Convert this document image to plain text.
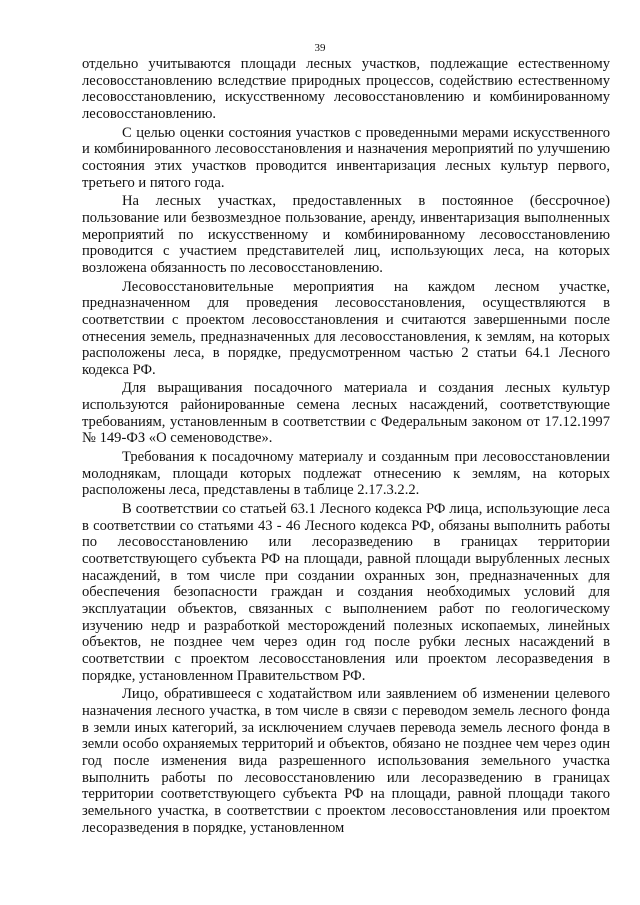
39

отдельно учитываются площади лесных участков, подлежащие естественному лесовосстановлению вследствие природных процессов, содействию естественному лесовосстановлению, искусственному лесовосстановлению и комбинированному лесовосстановлению.

С целью оценки состояния участков с проведенными мерами искусственного и комбинированного лесовосстановления и назначения мероприятий по улучшению состояния этих участков проводится инвентаризация лесных культур первого, третьего и пятого года.

На лесных участках, предоставленных в постоянное (бессрочное) пользование или безвозмездное пользование, аренду, инвентаризация выполненных мероприятий по искусственному и комбинированному лесовосстановлению проводится с участием представителей лиц, использующих леса, на которых возложена обязанность по лесовосстановлению.

Лесовосстановительные мероприятия на каждом лесном участке, предназначенном для проведения лесовосстановления, осуществляются в соответствии с проектом лесовосстановления и считаются завершенными после отнесения земель, предназначенных для лесовосстановления, к землям, на которых расположены леса, в порядке, предусмотренном частью 2 статьи 64.1 Лесного кодекса РФ.

Для выращивания посадочного материала и создания лесных культур используются районированные семена лесных насаждений, соответствующие требованиям, установленным в соответствии с Федеральным законом от 17.12.1997 № 149-ФЗ «О семеноводстве».

Требования к посадочному материалу и созданным при лесовосстановлении молоднякам, площади которых подлежат отнесению к землям, на которых расположены леса, представлены в таблице 2.17.3.2.2.

В соответствии со статьей 63.1 Лесного кодекса РФ лица, использующие леса в соответствии со статьями 43 - 46 Лесного кодекса РФ, обязаны выполнить работы по лесовосстановлению или лесоразведению в границах территории соответствующего субъекта РФ на площади, равной площади вырубленных лесных насаждений, в том числе при создании охранных зон, предназначенных для обеспечения безопасности граждан и создания необходимых условий для эксплуатации объектов, связанных с выполнением работ по геологическому изучению недр и разработкой месторождений полезных ископаемых, линейных объектов, не позднее чем через один год после рубки лесных насаждений в соответствии с проектом лесовосстановления или проектом лесоразведения в порядке, установленном Правительством РФ.

Лицо, обратившееся с ходатайством или заявлением об изменении целевого назначения лесного участка, в том числе в связи с переводом земель лесного фонда в земли иных категорий, за исключением случаев перевода земель лесного фонда в земли особо охраняемых территорий и объектов, обязано не позднее чем через один год после изменения вида разрешенного использования земельного участка выполнить работы по лесовосстановлению или лесоразведению в границах территории соответствующего субъекта РФ на площади, равной площади такого земельного участка, в соответствии с проектом лесовосстановления или проектом лесоразведения в порядке, установленном
